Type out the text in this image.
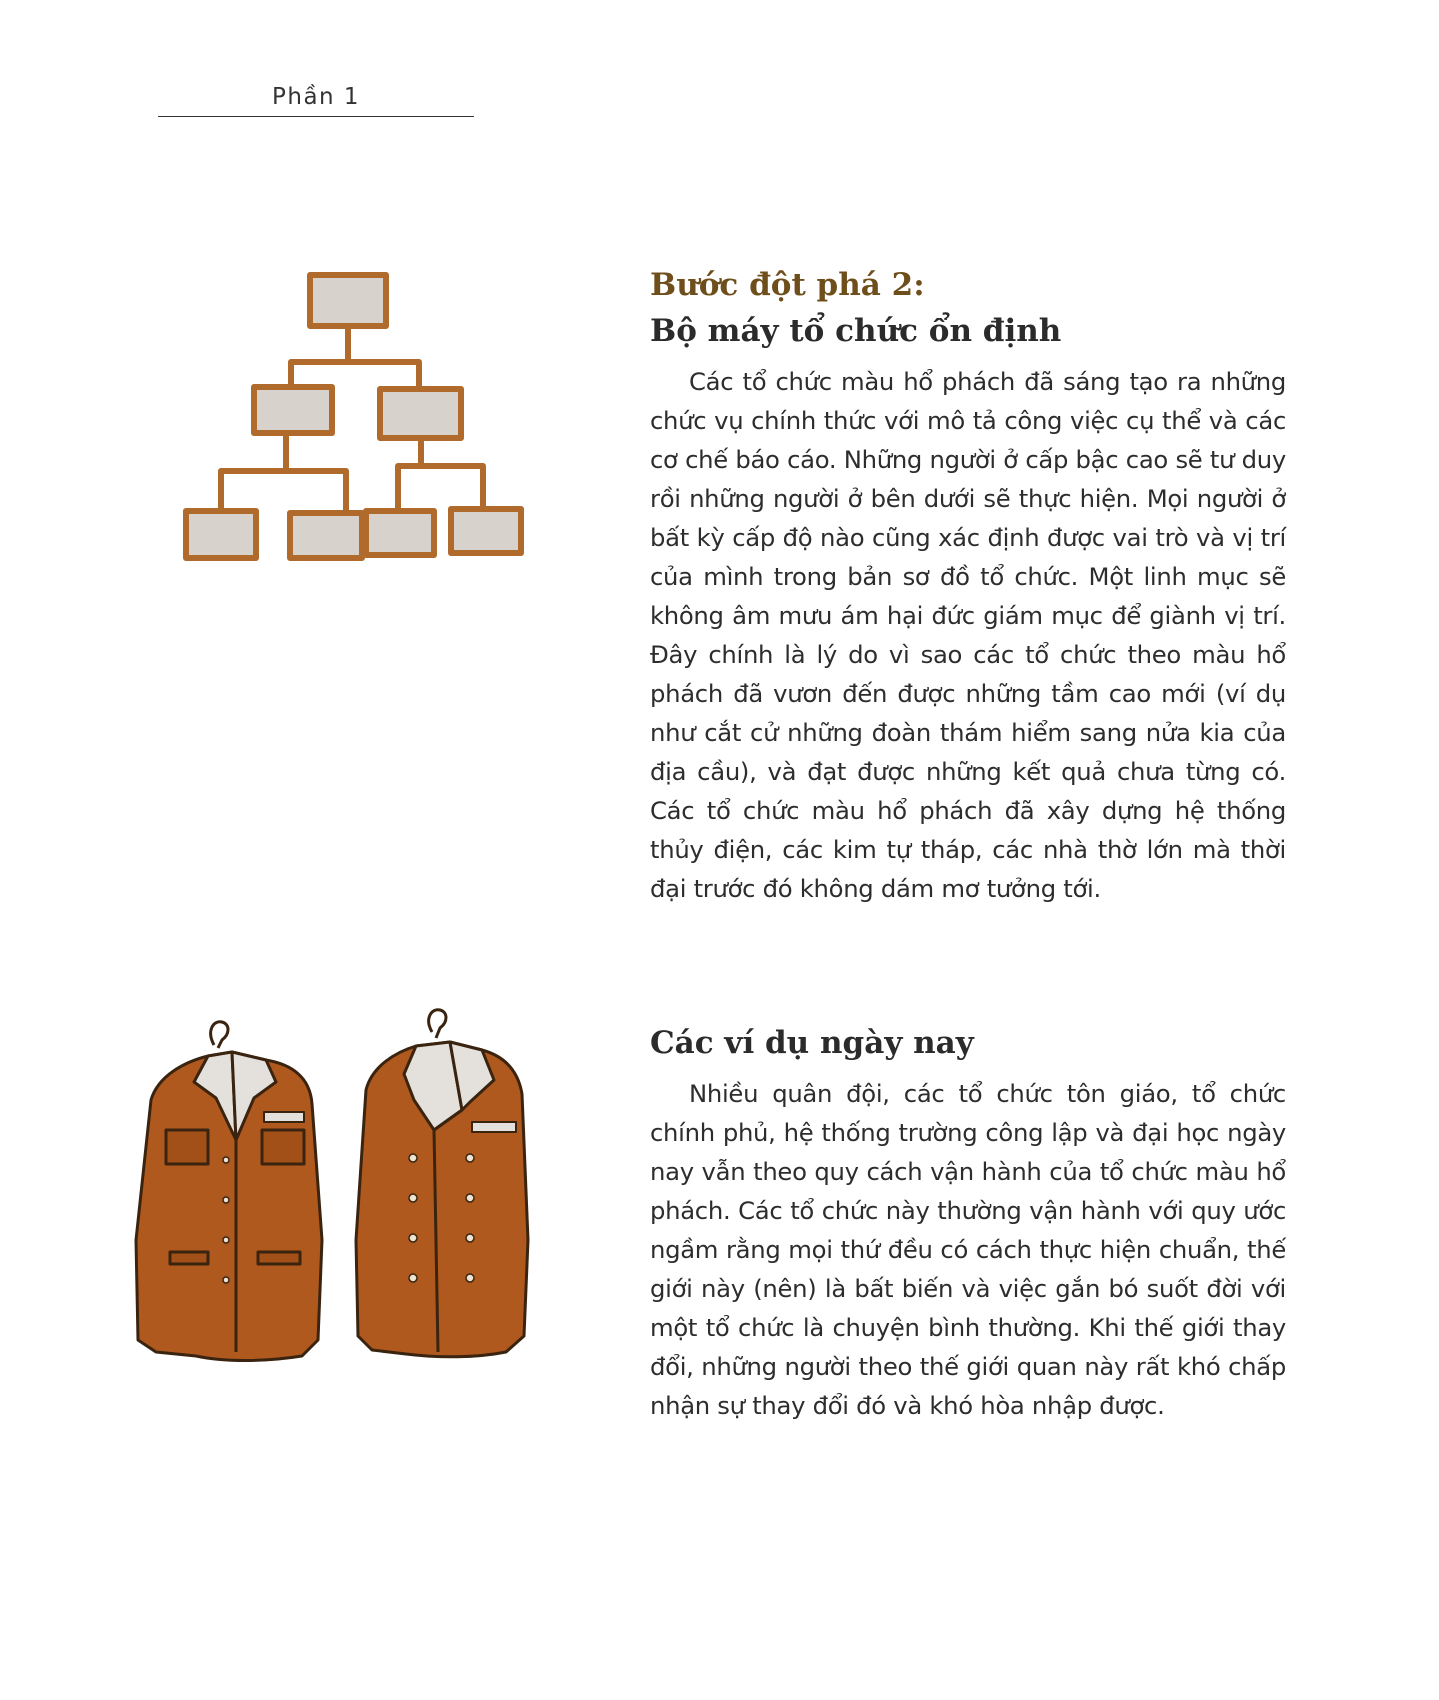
Phần 1
Bước đột phá 2:
Bộ máy tổ chức ổn định

Các tổ chức màu hổ phách đã sáng tạo ra những chức vụ chính thức với mô tả công việc cụ thể và các cơ chế báo cáo. Những người ở cấp bậc cao sẽ tư duy rồi những người ở bên dưới sẽ thực hiện. Mọi người ở bất kỳ cấp độ nào cũng xác định được vai trò và vị trí của mình trong bản sơ đồ tổ chức. Một linh mục sẽ không âm mưu ám hại đức giám mục để giành vị trí. Đây chính là lý do vì sao các tổ chức theo màu hổ phách đã vươn đến được những tầm cao mới (ví dụ như cắt cử những đoàn thám hiểm sang nửa kia của địa cầu), và đạt được những kết quả chưa từng có. Các tổ chức màu hổ phách đã xây dựng hệ thống thủy điện, các kim tự tháp, các nhà thờ lớn mà thời đại trước đó không dám mơ tưởng tới.

Các ví dụ ngày nay

Nhiều quân đội, các tổ chức tôn giáo, tổ chức chính phủ, hệ thống trường công lập và đại học ngày nay vẫn theo quy cách vận hành của tổ chức màu hổ phách. Các tổ chức này thường vận hành với quy ước ngầm rằng mọi thứ đều có cách thực hiện chuẩn, thế giới này (nên) là bất biến và việc gắn bó suốt đời với một tổ chức là chuyện bình thường. Khi thế giới thay đổi, những người theo thế giới quan này rất khó chấp nhận sự thay đổi đó và khó hòa nhập được.
